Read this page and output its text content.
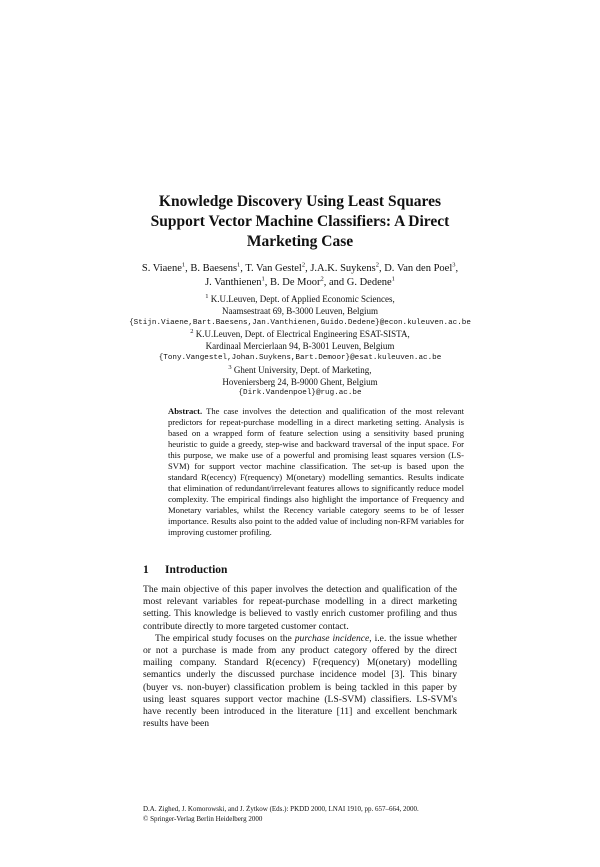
Knowledge Discovery Using Least Squares
Support Vector Machine Classifiers: A Direct
Marketing Case
S. Viaene$^1$, B. Baesens$^1$, T. Van Gestel$^2$, J.A.K. Suykens$^2$, D. Van den Poel$^3$,
J. Vanthienen$^1$, B. De Moor$^2$, and G. Dedene$^1$
$^1$ K.U.Leuven, Dept. of Applied Economic Sciences,
Naamsestraat 69, B-3000 Leuven, Belgium
{Stijn.Viaene,Bart.Baesens,Jan.Vanthienen,Guido.Dedene}@econ.kuleuven.ac.be
$^2$ K.U.Leuven, Dept. of Electrical Engineering ESAT-SISTA,
Kardinaal Mercierlaan 94, B-3001 Leuven, Belgium
{Tony.Vangestel,Johan.Suykens,Bart.Demoor}@esat.kuleuven.ac.be
$^3$ Ghent University, Dept. of Marketing,
Hoveniersberg 24, B-9000 Ghent, Belgium
{Dirk.Vandenpoel}@rug.ac.be
Abstract. The case involves the detection and qualification of the most relevant predictors for repeat-purchase modelling in a direct marketing setting. Analysis is based on a wrapped form of feature selection using a sensitivity based pruning heuristic to guide a greedy, step-wise and backward traversal of the input space. For this purpose, we make use of a powerful and promising least squares version (LS-SVM) for support vector machine classification. The set-up is based upon the standard R(ecency) F(requency) M(onetary) modelling semantics. Results indicate that elimination of redundant/irrelevant features allows to significantly reduce model complexity. The empirical findings also highlight the importance of Frequency and Monetary variables, whilst the Recency variable category seems to be of lesser importance. Results also point to the added value of including non-RFM variables for improving customer profiling.
1 Introduction

The main objective of this paper involves the detection and qualification of the most relevant variables for repeat-purchase modelling in a direct marketing setting. This knowledge is believed to vastly enrich customer profiling and thus contribute directly to more targeted customer contact.

The empirical study focuses on the purchase incidence, i.e. the issue whether or not a purchase is made from any product category offered by the direct mailing company. Standard R(ecency) F(requency) M(onetary) modelling semantics underly the discussed purchase incidence model [3]. This binary (buyer vs. non-buyer) classification problem is being tackled in this paper by using least squares support vector machine (LS-SVM) classifiers. LS-SVM's have recently been introduced in the literature [11] and excellent benchmark results have been

D.A. Zighed, J. Komorowski, and J. Żytkow (Eds.): PKDD 2000, LNAI 1910, pp. 657–664, 2000.
© Springer-Verlag Berlin Heidelberg 2000
